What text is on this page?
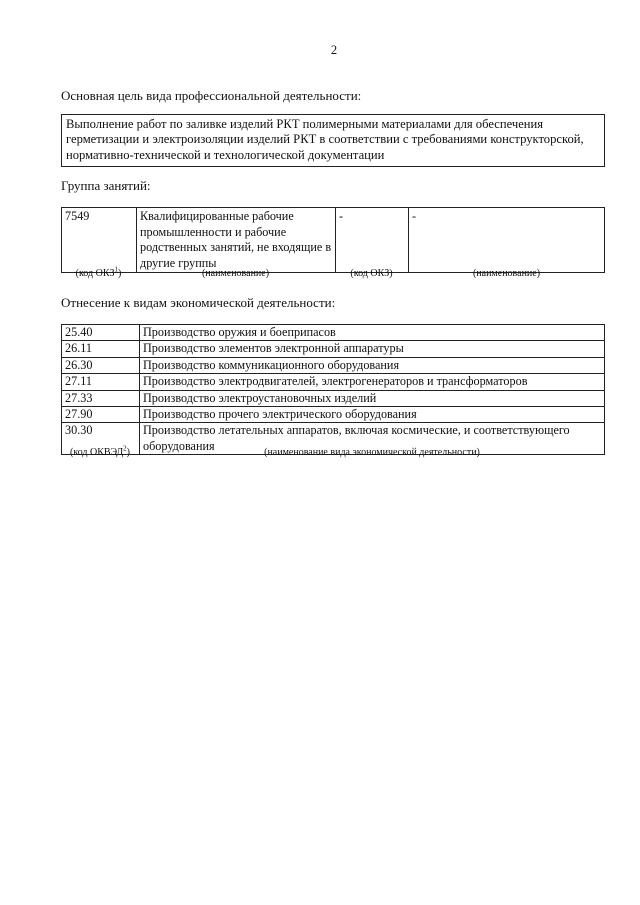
2
Основная цель вида профессиональной деятельности:
Выполнение работ по заливке изделий РКТ полимерными материалами для обеспечения герметизации и электроизоляции изделий РКТ в соответствии с требованиями конструкторской, нормативно-технической и технологической документации
Группа занятий:
7549	Квалифицированные рабочие промышленности и рабочие родственных занятий, не входящие в другие группы	-	-
(код ОКЗ$^1$)	(наименование)	(код ОКЗ)	(наименование)
Отнесение к видам экономической деятельности:
25.40	Производство оружия и боеприпасов
26.11	Производство элементов электронной аппаратуры
26.30	Производство коммуникационного оборудования
27.11	Производство электродвигателей, электрогенераторов и трансформаторов
27.33	Производство электроустановочных изделий
27.90	Производство прочего электрического оборудования
30.30	Производство летательных аппаратов, включая космические, и соответствующего оборудования
(код ОКВЭД$^2$)	(наименование вида экономической деятельности)
